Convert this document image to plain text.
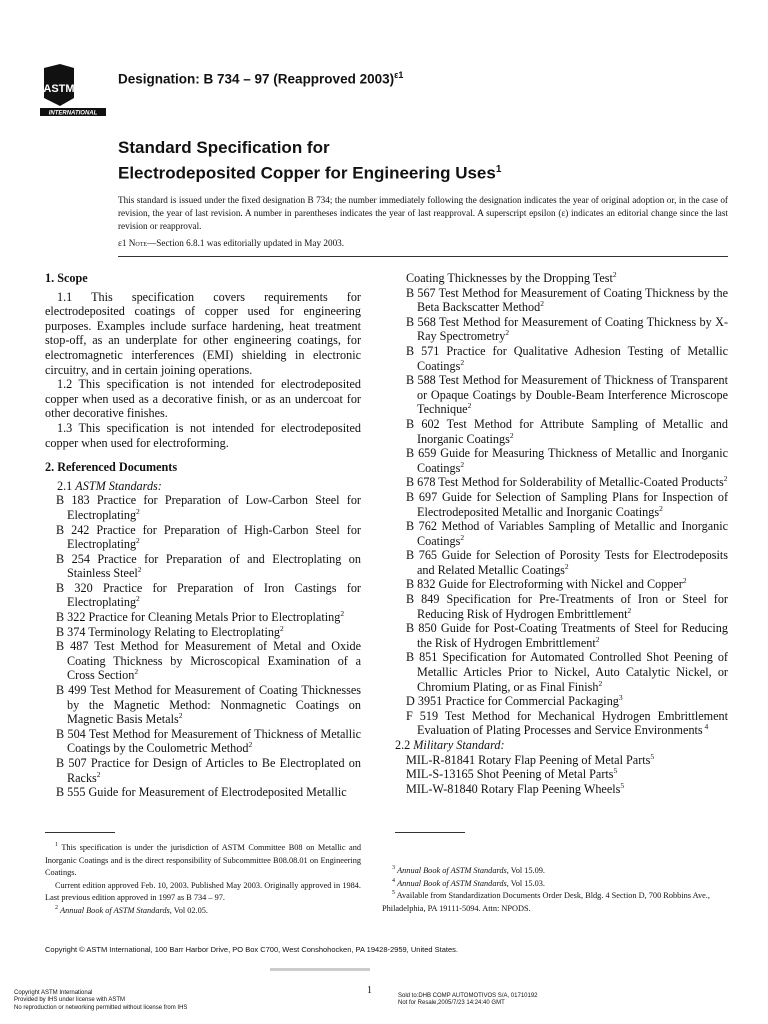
ASTM
INTERNATIONAL
Designation: B 734 – 97 (Reapproved 2003)$^{\varepsilon 1}$
Standard Specification for
Electrodeposited Copper for Engineering Uses$^1$
This standard is issued under the fixed designation B 734; the number immediately following the designation indicates the year of original adoption or, in the case of revision, the year of last revision. A number in parentheses indicates the year of last reapproval. A superscript epsilon (ε) indicates an editorial change since the last revision or reapproval.
ε1 Note—Section 6.8.1 was editorially updated in May 2003.
1. Scope

1.1 This specification covers requirements for electrodeposited coatings of copper used for engineering purposes. Examples include surface hardening, heat treatment stop-off, as an underplate for other engineering coatings, for electromagnetic interferences (EMI) shielding in electronic circuitry, and in certain joining operations.

1.2 This specification is not intended for electrodeposited copper when used as a decorative finish, or as an undercoat for other decorative finishes.

1.3 This specification is not intended for electrodeposited copper when used for electroforming.

2. Referenced Documents
2.1 ASTM Standards:

B 183 Practice for Preparation of Low-Carbon Steel for Electroplating$^2$

B 242 Practice for Preparation of High-Carbon Steel for Electroplating$^2$

B 254 Practice for Preparation of and Electroplating on Stainless Steel$^2$

B 320 Practice for Preparation of Iron Castings for Electroplating$^2$

B 322 Practice for Cleaning Metals Prior to Electroplating$^2$

B 374 Terminology Relating to Electroplating$^2$

B 487 Test Method for Measurement of Metal and Oxide Coating Thickness by Microscopical Examination of a Cross Section$^2$

B 499 Test Method for Measurement of Coating Thicknesses by the Magnetic Method: Nonmagnetic Coatings on Magnetic Basis Metals$^2$

B 504 Test Method for Measurement of Thickness of Metallic Coatings by the Coulometric Method$^2$

B 507 Practice for Design of Articles to Be Electroplated on Racks$^2$

B 555 Guide for Measurement of Electrodeposited Metallic

Coating Thicknesses by the Dropping Test$^2$

B 567 Test Method for Measurement of Coating Thickness by the Beta Backscatter Method$^2$

B 568 Test Method for Measurement of Coating Thickness by X-Ray Spectrometry$^2$

B 571 Practice for Qualitative Adhesion Testing of Metallic Coatings$^2$

B 588 Test Method for Measurement of Thickness of Transparent or Opaque Coatings by Double-Beam Interference Microscope Technique$^2$

B 602 Test Method for Attribute Sampling of Metallic and Inorganic Coatings$^2$

B 659 Guide for Measuring Thickness of Metallic and Inorganic Coatings$^2$

B 678 Test Method for Solderability of Metallic-Coated Products$^2$

B 697 Guide for Selection of Sampling Plans for Inspection of Electrodeposited Metallic and Inorganic Coatings$^2$

B 762 Method of Variables Sampling of Metallic and Inorganic Coatings$^2$

B 765 Guide for Selection of Porosity Tests for Electrodeposits and Related Metallic Coatings$^2$

B 832 Guide for Electroforming with Nickel and Copper$^2$

B 849 Specification for Pre-Treatments of Iron or Steel for Reducing Risk of Hydrogen Embrittlement$^2$

B 850 Guide for Post-Coating Treatments of Steel for Reducing the Risk of Hydrogen Embrittlement$^2$

B 851 Specification for Automated Controlled Shot Peening of Metallic Articles Prior to Nickel, Auto Catalytic Nickel, or Chromium Plating, or as Final Finish$^2$

D 3951 Practice for Commercial Packaging$^3$

F 519 Test Method for Mechanical Hydrogen Embrittlement Evaluation of Plating Processes and Service Environments $^4$

2.2 Military Standard:

MIL-R-81841 Rotary Flap Peening of Metal Parts$^5$

MIL-S-13165 Shot Peening of Metal Parts$^5$

MIL-W-81840 Rotary Flap Peening Wheels$^5$

$^1$ This specification is under the jurisdiction of ASTM Committee B08 on Metallic and Inorganic Coatings and is the direct responsibility of Subcommittee B08.08.01 on Engineering Coatings.

Current edition approved Feb. 10, 2003. Published May 2003. Originally approved in 1984. Last previous edition approved in 1997 as B 734 – 97.

$^2$ Annual Book of ASTM Standards, Vol 02.05.

$^3$ Annual Book of ASTM Standards, Vol 15.09.

$^4$ Annual Book of ASTM Standards, Vol 15.03.

$^5$ Available from Standardization Documents Order Desk, Bldg. 4 Section D, 700 Robbins Ave., Philadelphia, PA 19111-5094. Attn: NPODS.

Copyright © ASTM International, 100 Barr Harbor Drive, PO Box C700, West Conshohocken, PA 19428-2959, United States.
1
Copyright ASTM International
Provided by IHS under license with ASTM
No reproduction or networking permitted without license from IHS
Sold to:DHB COMP AUTOMOTIVOS S/A, 01710192
Not for Resale,2005/7/23 14:24:40 GMT
